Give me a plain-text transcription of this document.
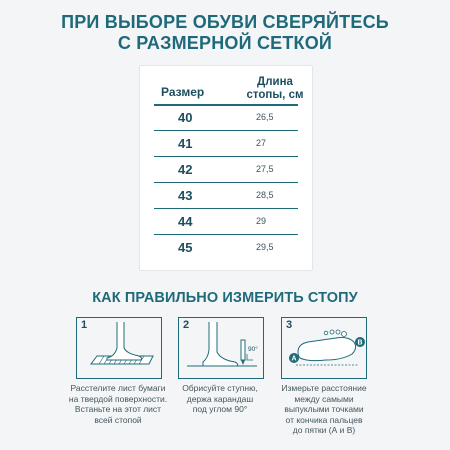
ПРИ ВЫБОРЕ ОБУВИ СВЕРЯЙТЕСЬ
С РАЗМЕРНОЙ СЕТКОЙ
Размер
Длина
стопы, см
40	26,5
41	27
42	27,5
43	28,5
44	29
45	29,5
КАК ПРАВИЛЬНО ИЗМЕРИТЬ СТОПУ
1
90°
2
A
B
3
Расстелите лист бумаги
на твердой поверхности.
Встаньте на этот лист
всей стопой
Обрисуйте ступню,
держа карандаш
под углом 90°
Измерьте расстояние
между самыми
выпуклыми точками
от кончика пальцев
до пятки (А и В)
